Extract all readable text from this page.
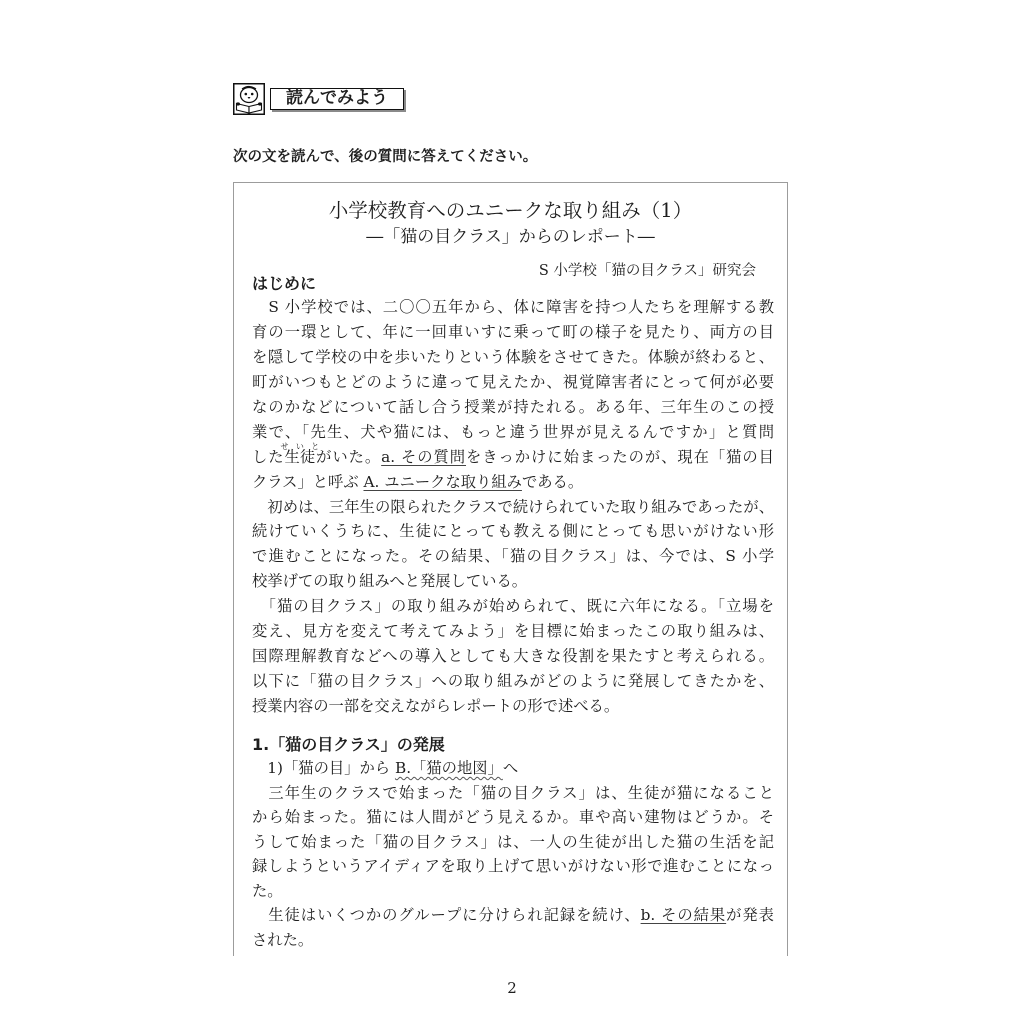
読んでみよう
次の文を読んで、後の質問に答えてください。
小学校教育へのユニークな取り組み（1）
―「猫の目クラス」からのレポート―
S 小学校「猫の目クラス」研究会
はじめに
　S 小学校では、二〇〇五年から、体に障害を持つ人たちを理解する教
育の一環として、年に一回車いすに乗って町の様子を見たり、両方の目
を隠して学校の中を歩いたりという体験をさせてきた。体験が終わると、
町がいつもとどのように違って見えたか、視覚障害者にとって何が必要
なのかなどについて話し合う授業が持たれる。ある年、三年生のこの授
業で、「先生、犬や猫には、もっと違う世界が見えるんですか」と質問
した生徒
せいと
がいた。a. その質問をきっかけに始まったのが、現在「猫の目
クラス」と呼ぶ A. ユニークな取り組みである。
　初めは、三年生の限られたクラスで続けられていた取り組みであったが、
続けていくうちに、生徒にとっても教える側にとっても思いがけない形
で進むことになった。その結果、「猫の目クラス」は、今では、S 小学
校挙げての取り組みへと発展している。
　「猫の目クラス」の取り組みが始められて、既に六年になる。「立場を
変え、見方を変えて考えてみよう」を目標に始まったこの取り組みは、
国際理解教育などへの導入としても大きな役割を果たすと考えられる。
以下に「猫の目クラス」への取り組みがどのように発展してきたかを、
授業内容の一部を交えながらレポートの形で述べる。
1.「猫の目クラス」の発展
　1)「猫の目」から B.「猫の地図」へ
　三年生のクラスで始まった「猫の目クラス」は、生徒が猫になること
から始まった。猫には人間がどう見えるか。車や高い建物はどうか。そ
うして始まった「猫の目クラス」は、一人の生徒が出した猫の生活を記
録しようというアイディアを取り上げて思いがけない形で進むことになっ
た。
　生徒はいくつかのグループに分けられ記録を続け、b. その結果が発表
された。
2
